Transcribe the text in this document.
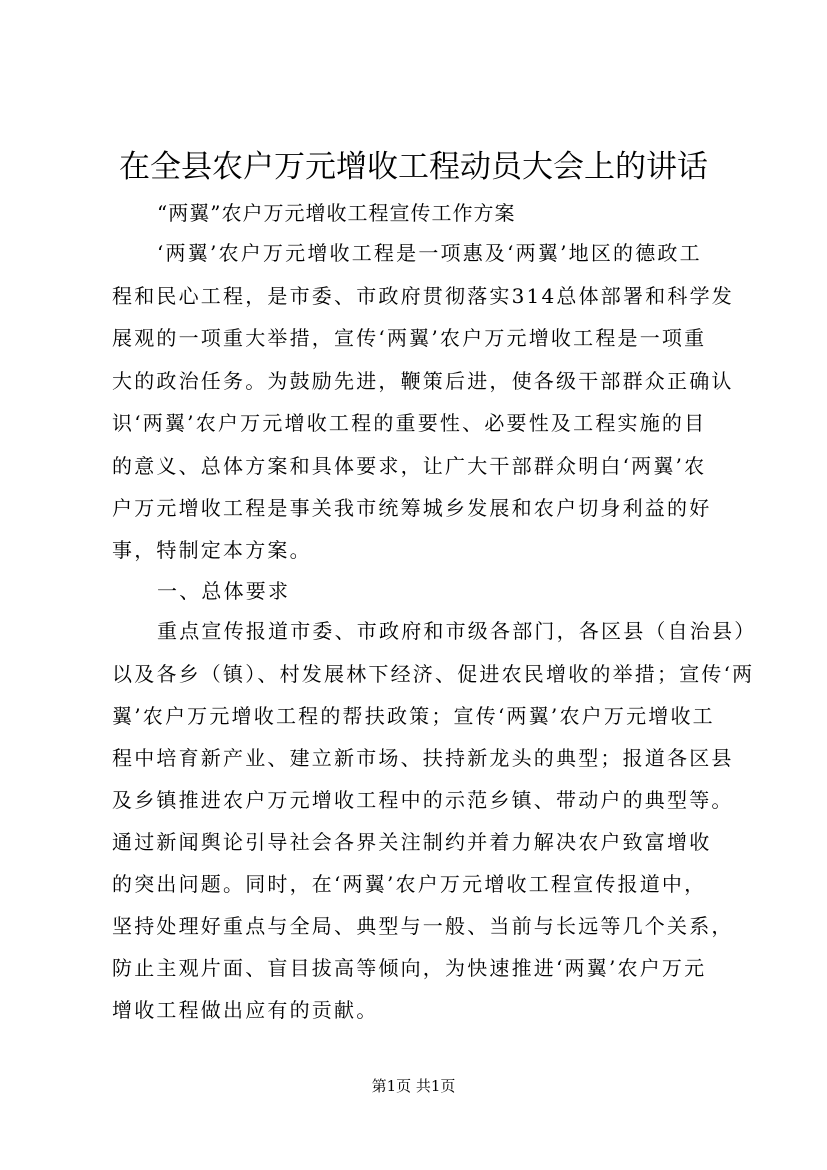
在全县农户万元增收工程动员大会上的讲话

“两翼”农户万元增收工程宣传工作方案

‘两翼’农户万元增收工程是一项惠及‘两翼’地区的德政工

程和民心工程，是市委、市政府贯彻落实314总体部署和科学发

展观的一项重大举措，宣传‘两翼’农户万元增收工程是一项重

大的政治任务。为鼓励先进，鞭策后进，使各级干部群众正确认

识‘两翼’农户万元增收工程的重要性、必要性及工程实施的目

的意义、总体方案和具体要求，让广大干部群众明白‘两翼’农

户万元增收工程是事关我市统筹城乡发展和农户切身利益的好

事，特制定本方案。

一、总体要求

重点宣传报道市委、市政府和市级各部门，各区县（自治县）

以及各乡（镇）、村发展林下经济、促进农民增收的举措；宣传‘两

翼’农户万元增收工程的帮扶政策；宣传‘两翼’农户万元增收工

程中培育新产业、建立新市场、扶持新龙头的典型；报道各区县

及乡镇推进农户万元增收工程中的示范乡镇、带动户的典型等。

通过新闻舆论引导社会各界关注制约并着力解决农户致富增收

的突出问题。同时，在‘两翼’农户万元增收工程宣传报道中，

坚持处理好重点与全局、典型与一般、当前与长远等几个关系，

防止主观片面、盲目拔高等倾向，为快速推进‘两翼’农户万元

增收工程做出应有的贡献。

第1页 共1页
